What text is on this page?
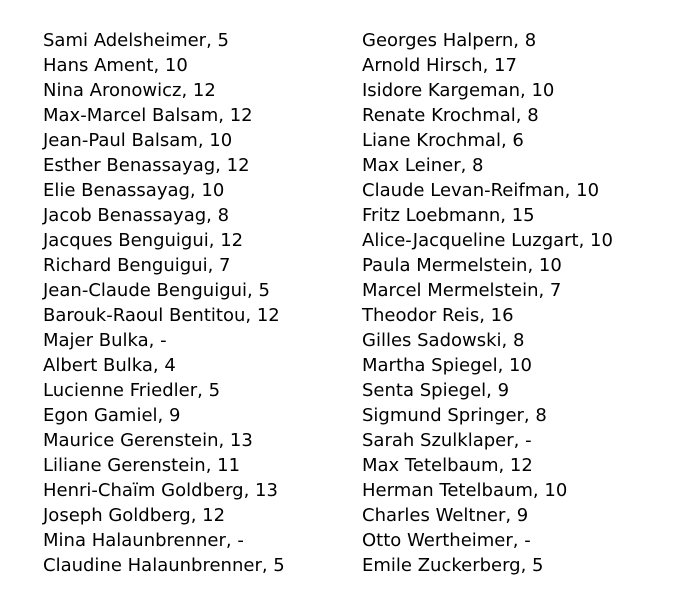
Sami Adelsheimer, 5
Hans Ament, 10
Nina Aronowicz, 12
Max-Marcel Balsam, 12
Jean-Paul Balsam, 10
Esther Benassayag, 12
Elie Benassayag, 10
Jacob Benassayag, 8
Jacques Benguigui, 12
Richard Benguigui, 7
Jean-Claude Benguigui, 5
Barouk-Raoul Bentitou, 12
Majer Bulka, -
Albert Bulka, 4
Lucienne Friedler, 5
Egon Gamiel, 9
Maurice Gerenstein, 13
Liliane Gerenstein, 11
Henri-Chaïm Goldberg, 13
Joseph Goldberg, 12
Mina Halaunbrenner, -
Claudine Halaunbrenner, 5
Georges Halpern, 8
Arnold Hirsch, 17
Isidore Kargeman, 10
Renate Krochmal, 8
Liane Krochmal, 6
Max Leiner, 8
Claude Levan-Reifman, 10
Fritz Loebmann, 15
Alice-Jacqueline Luzgart, 10
Paula Mermelstein, 10
Marcel Mermelstein, 7
Theodor Reis, 16
Gilles Sadowski, 8
Martha Spiegel, 10
Senta Spiegel, 9
Sigmund Springer, 8
Sarah Szulklaper, -
Max Tetelbaum, 12
Herman Tetelbaum, 10
Charles Weltner, 9
Otto Wertheimer, -
Emile Zuckerberg, 5
